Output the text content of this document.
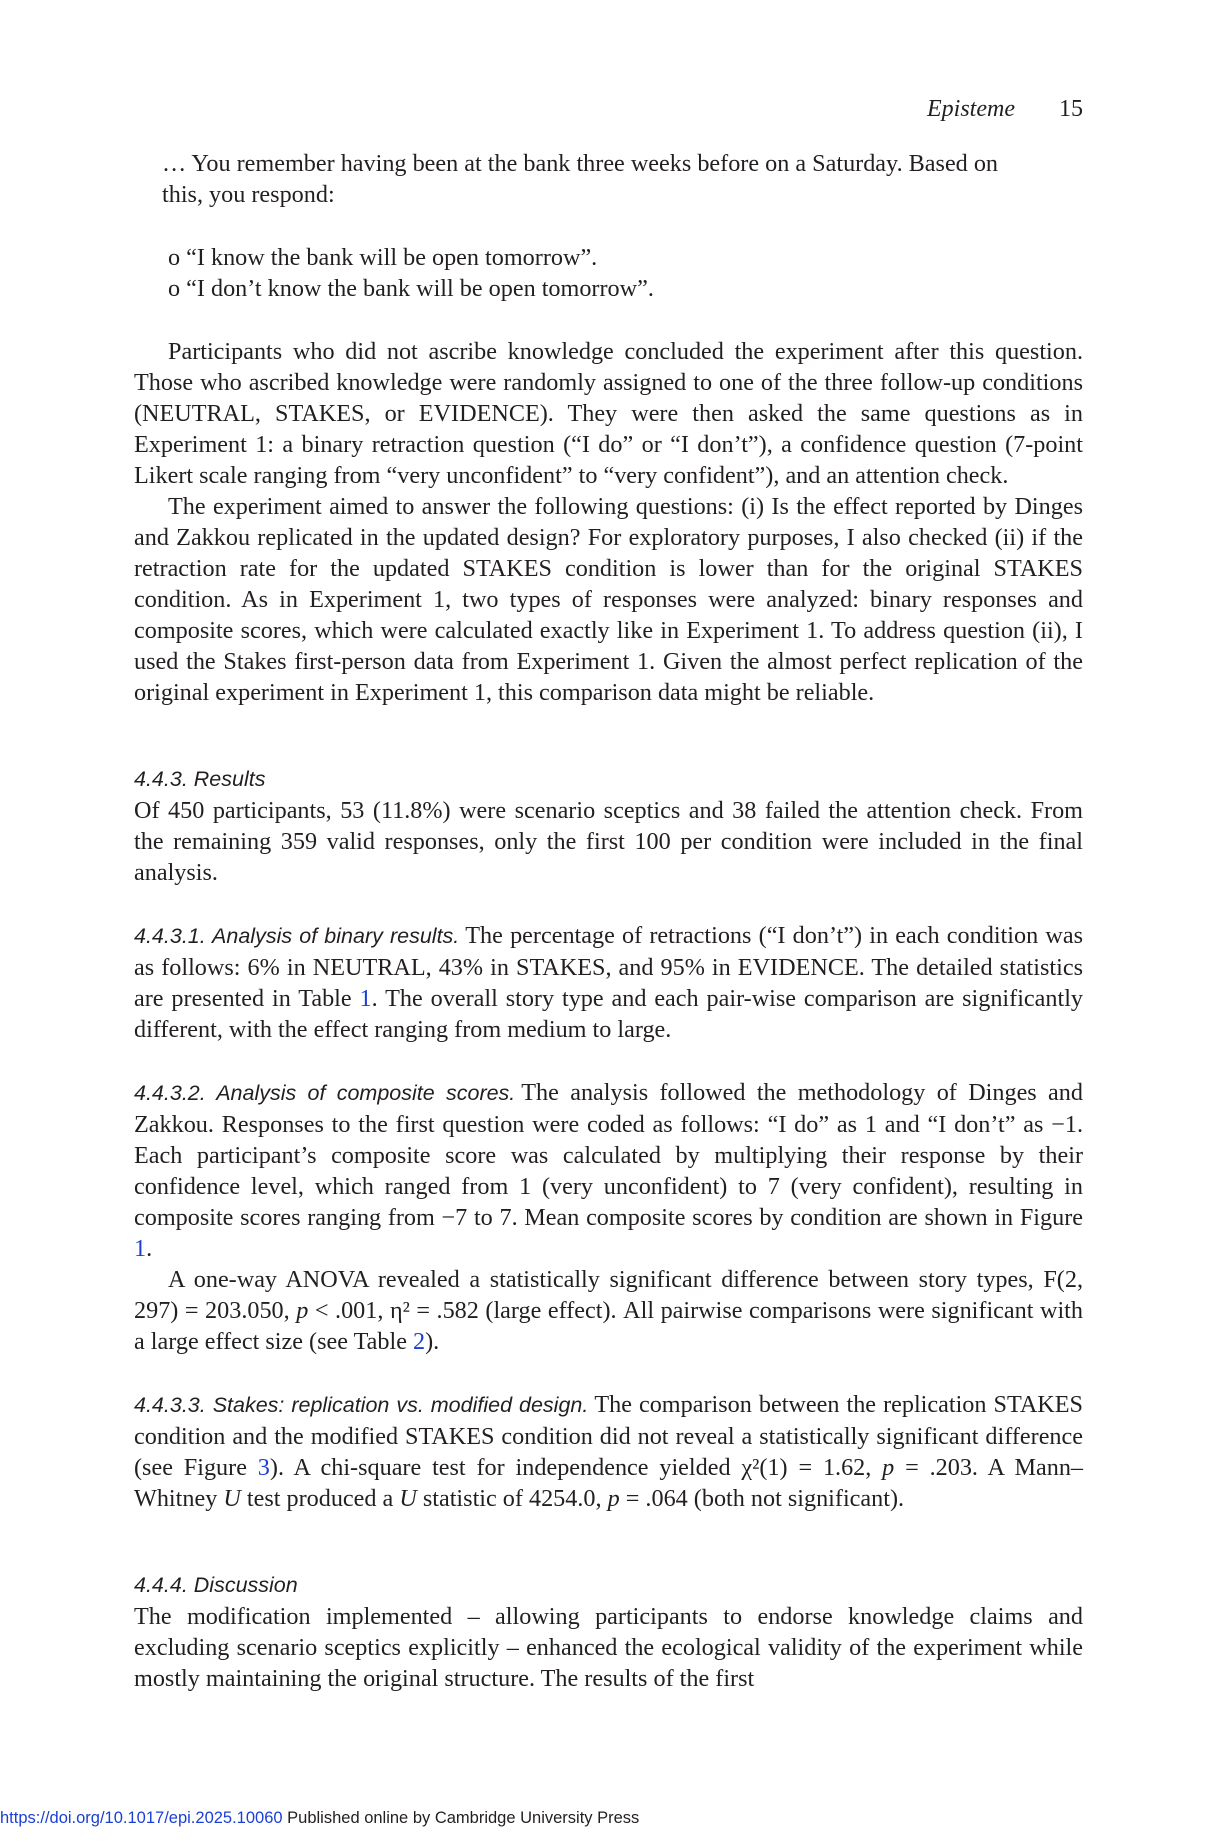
Episteme 15

… You remember having been at the bank three weeks before on a Saturday. Based on this, you respond:

o “I know the bank will be open tomorrow”.
o “I don’t know the bank will be open tomorrow”.

Participants who did not ascribe knowledge concluded the experiment after this question. Those who ascribed knowledge were randomly assigned to one of the three follow-up conditions (NEUTRAL, STAKES, or EVIDENCE). They were then asked the same questions as in Experiment 1: a binary retraction question (“I do” or “I don’t”), a confidence question (7-point Likert scale ranging from “very unconfident” to “very confident”), and an attention check.

The experiment aimed to answer the following questions: (i) Is the effect reported by Dinges and Zakkou replicated in the updated design? For exploratory purposes, I also checked (ii) if the retraction rate for the updated STAKES condition is lower than for the original STAKES condition. As in Experiment 1, two types of responses were analyzed: binary responses and composite scores, which were calculated exactly like in Experiment 1. To address question (ii), I used the Stakes first-person data from Experiment 1. Given the almost perfect replication of the original experiment in Experiment 1, this comparison data might be reliable.

4.4.3. Results

Of 450 participants, 53 (11.8%) were scenario sceptics and 38 failed the attention check. From the remaining 359 valid responses, only the first 100 per condition were included in the final analysis.

4.4.3.1. Analysis of binary results. The percentage of retractions (“I don’t”) in each condition was as follows: 6% in NEUTRAL, 43% in STAKES, and 95% in EVIDENCE. The detailed statistics are presented in Table 1. The overall story type and each pair-wise comparison are significantly different, with the effect ranging from medium to large.

4.4.3.2. Analysis of composite scores. The analysis followed the methodology of Dinges and Zakkou. Responses to the first question were coded as follows: “I do” as 1 and “I don’t” as −1. Each participant’s composite score was calculated by multiplying their response by their confidence level, which ranged from 1 (very unconfident) to 7 (very confident), resulting in composite scores ranging from −7 to 7. Mean composite scores by condition are shown in Figure 1.

A one-way ANOVA revealed a statistically significant difference between story types, F(2, 297) = 203.050, p < .001, η² = .582 (large effect). All pairwise comparisons were significant with a large effect size (see Table 2).

4.4.3.3. Stakes: replication vs. modified design. The comparison between the replication STAKES condition and the modified STAKES condition did not reveal a statistically significant difference (see Figure 3). A chi-square test for independence yielded χ²(1) = 1.62, p = .203. A Mann–Whitney U test produced a U statistic of 4254.0, p = .064 (both not significant).

4.4.4. Discussion

The modification implemented – allowing participants to endorse knowledge claims and excluding scenario sceptics explicitly – enhanced the ecological validity of the experiment while mostly maintaining the original structure. The results of the first

https://doi.org/10.1017/epi.2025.10060 Published online by Cambridge University Press
